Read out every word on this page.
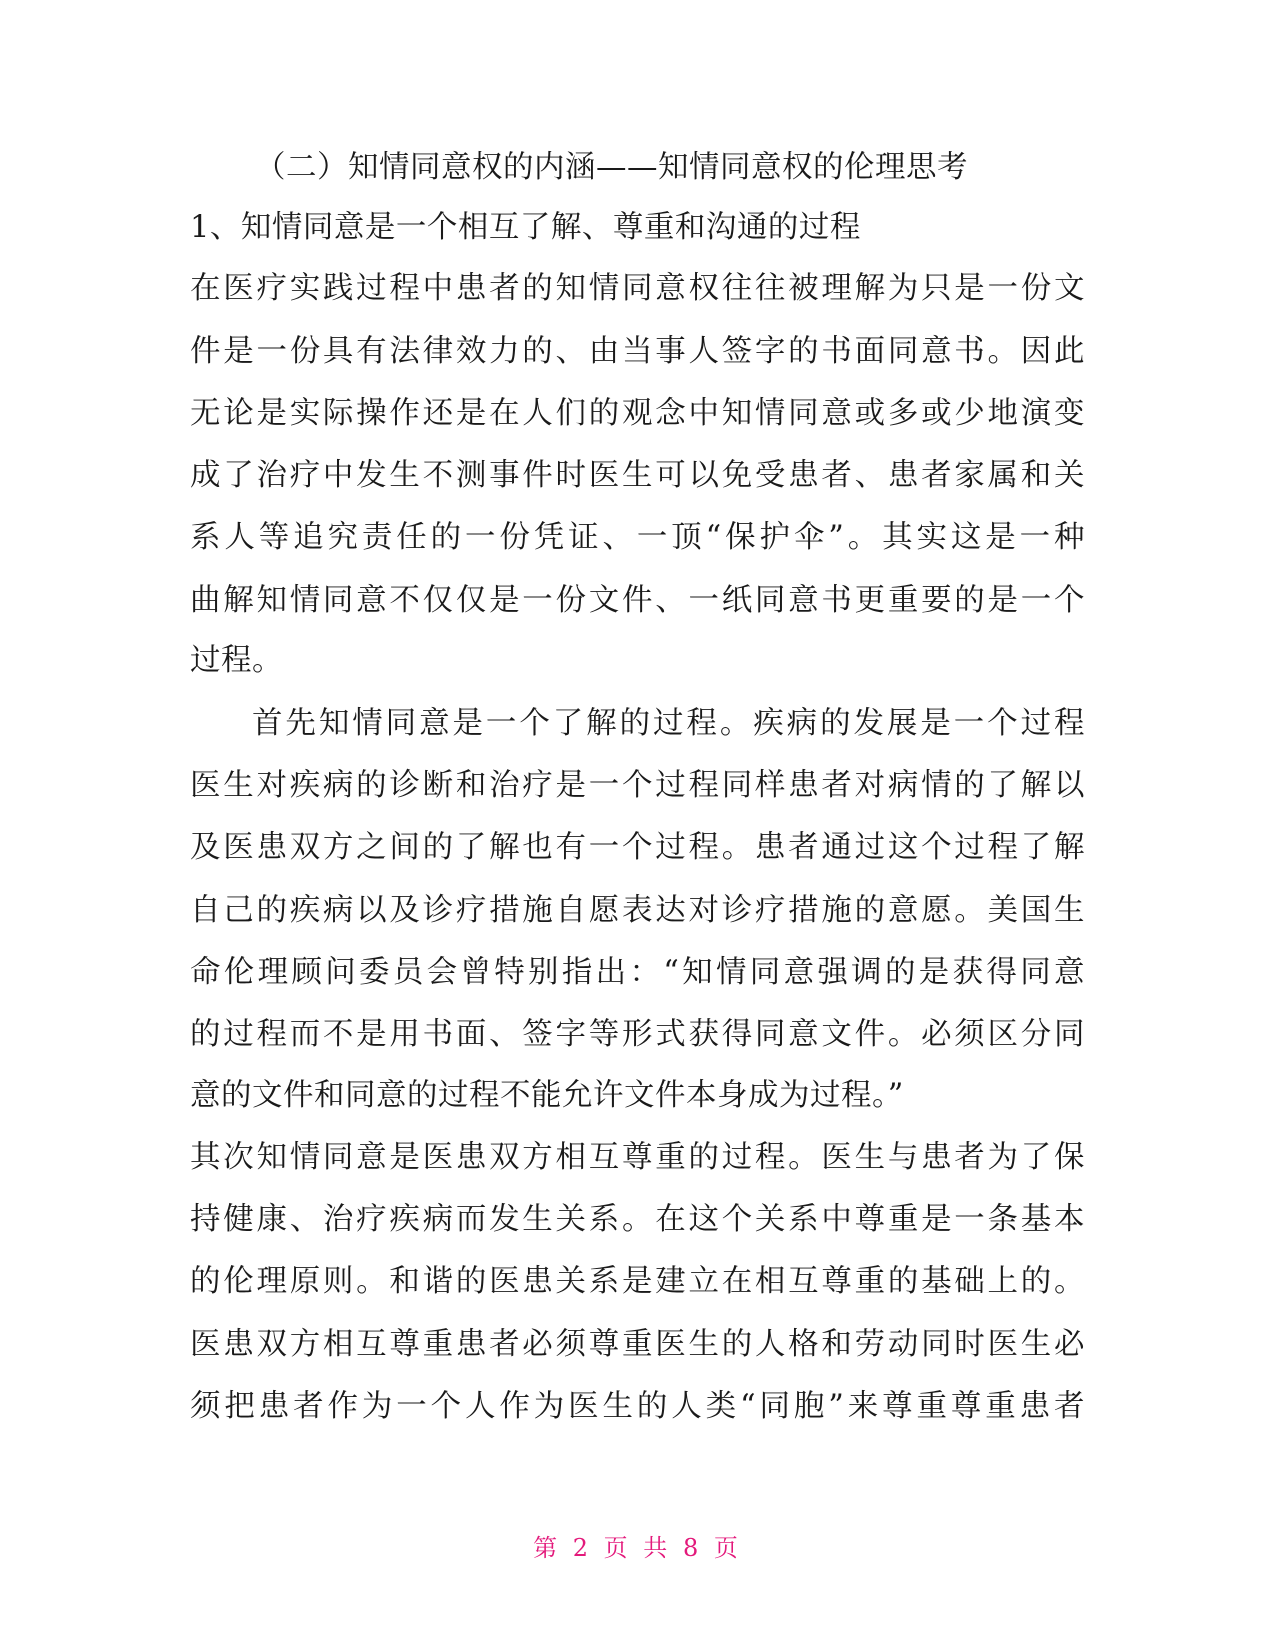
（二）知情同意权的内涵——知情同意权的伦理思考
1、知情同意是一个相互了解、尊重和沟通的过程
在医疗实践过程中患者的知情同意权往往被理解为只是一份文
件是一份具有法律效力的、由当事人签字的书面同意书。因此
无论是实际操作还是在人们的观念中知情同意或多或少地演变
成了治疗中发生不测事件时医生可以免受患者、患者家属和关
系人等追究责任的一份凭证、一顶“保护伞”。其实这是一种
曲解知情同意不仅仅是一份文件、一纸同意书更重要的是一个
过程。
首先知情同意是一个了解的过程。疾病的发展是一个过程
医生对疾病的诊断和治疗是一个过程同样患者对病情的了解以
及医患双方之间的了解也有一个过程。患者通过这个过程了解
自己的疾病以及诊疗措施自愿表达对诊疗措施的意愿。美国生
命伦理顾问委员会曾特别指出：“知情同意强调的是获得同意
的过程而不是用书面、签字等形式获得同意文件。必须区分同
意的文件和同意的过程不能允许文件本身成为过程。”
其次知情同意是医患双方相互尊重的过程。医生与患者为了保
持健康、治疗疾病而发生关系。在这个关系中尊重是一条基本
的伦理原则。和谐的医患关系是建立在相互尊重的基础上的。
医患双方相互尊重患者必须尊重医生的人格和劳动同时医生必
须把患者作为一个人作为医生的人类“同胞”来尊重尊重患者
第 2 页 共 8 页
